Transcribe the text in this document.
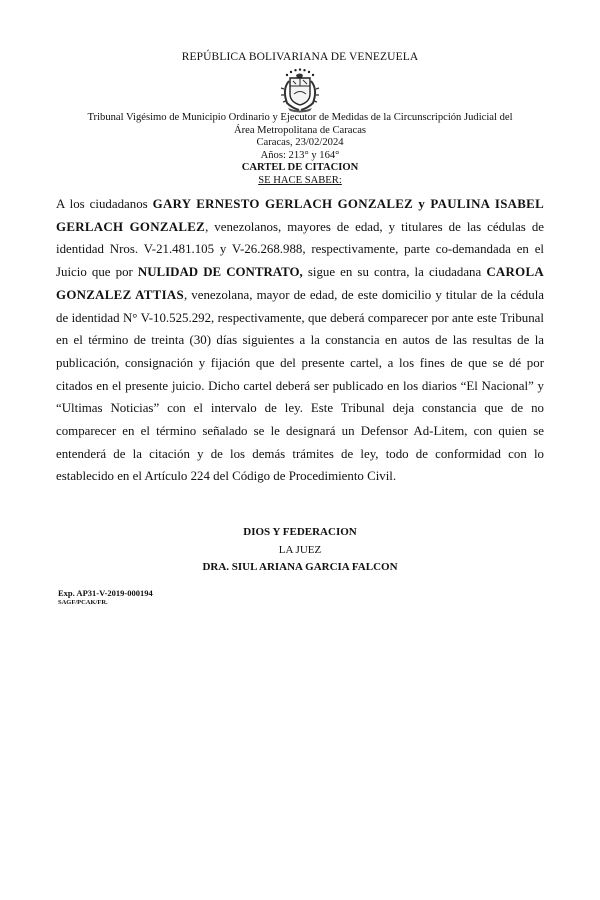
REPÚBLICA BOLIVARIANA DE VENEZUELA
Tribunal Vigésimo de Municipio Ordinario y Ejecutor de Medidas de la Circunscripción Judicial del
Área Metropolitana de Caracas
Caracas, 23/02/2024
Años: 213° y 164°
CARTEL DE CITACION
SE HACE SABER:
A los ciudadanos GARY ERNESTO GERLACH GONZALEZ y PAULINA ISABEL GERLACH GONZALEZ, venezolanos, mayores de edad, y titulares de las cédulas de identidad Nros. V-21.481.105 y V-26.268.988, respectivamente, parte co-demandada en el Juicio que por NULIDAD DE CONTRATO, sigue en su contra, la ciudadana CAROLA GONZALEZ ATTIAS, venezolana, mayor de edad, de este domicilio y titular de la cédula de identidad N° V-10.525.292, respectivamente, que deberá comparecer por ante este Tribunal en el término de treinta (30) días siguientes a la constancia en autos de las resultas de la publicación, consignación y fijación que del presente cartel, a los fines de que se dé por citados en el presente juicio. Dicho cartel deberá ser publicado en los diarios “El Nacional” y “Ultimas Noticias” con el intervalo de ley. Este Tribunal deja constancia que de no comparecer en el término señalado se le designará un Defensor Ad-Litem, con quien se entenderá de la citación y de los demás trámites de ley, todo de conformidad con lo establecido en el Artículo 224 del Código de Procedimiento Civil.
DIOS Y FEDERACION
LA JUEZ
DRA. SIUL ARIANA GARCIA FALCON
Exp. AP31-V-2019-000194
SAGF/PCAK/FR.
